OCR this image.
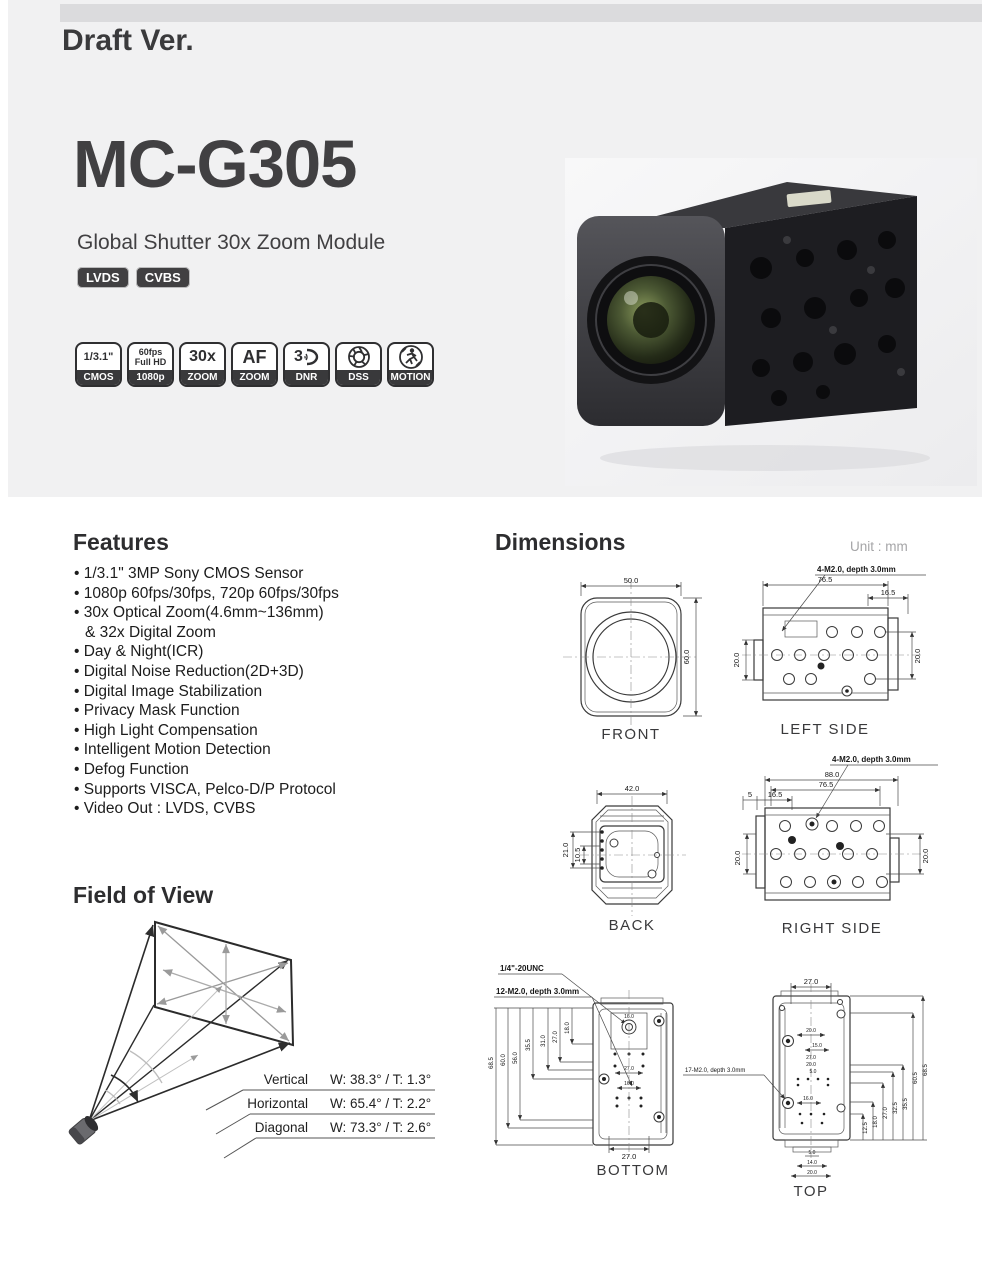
Draft Ver.
MC-G305
Global Shutter 30x Zoom Module
LVDS	CVBS
1/3.1"
CMOS
60fps
Full HD
1080p
30x
ZOOM
AF
ZOOM
3
DNR	DSS	MOTION
Features
• 1/3.1" 3MP Sony CMOS Sensor
• 1080p 60fps/30fps, 720p 60fps/30fps
• 30x Optical Zoom(4.6mm~136mm)
& 32x Digital Zoom
• Day & Night(ICR)
• Digital Noise Reduction(2D+3D)
• Digital Image Stabilization
• Privacy Mask Function
• High Light Compensation
• Intelligent Motion Detection
• Defog Function
• Supports VISCA, Pelco-D/P Protocol
• Video Out : LVDS, CVBS
Dimensions	Unit : mm
50.0
60.0
FRONT
4-M2.0, depth 3.0mm
76.5
16.5
20.0	20.0
LEFT SIDE
42.0
21.0 10.5
BACK
4-M2.0, depth 3.0mm
88.0
76.5
5 16.5
20.0	20.0
RIGHT SIDE
1/4"-20UNC
12-M2.0, depth 3.0mm
16.0
27.0
16.0
68.5 60.0 56.0
35.5 31.0 27.0
18.0
27.0
BOTTOM
17-M2.0, depth 3.0mm
27.0
20.0
15.0
27.0
20.0
5.0
16.0
68.5
60.5
35.5
32.5
27.0
18.0
12.5
5.0
14.0
20.0
TOP
Field of View
Vertical W: 38.3° / T: 1.3°
Horizontal W: 65.4° / T: 2.2°
Diagonal W: 73.3° / T: 2.6°
